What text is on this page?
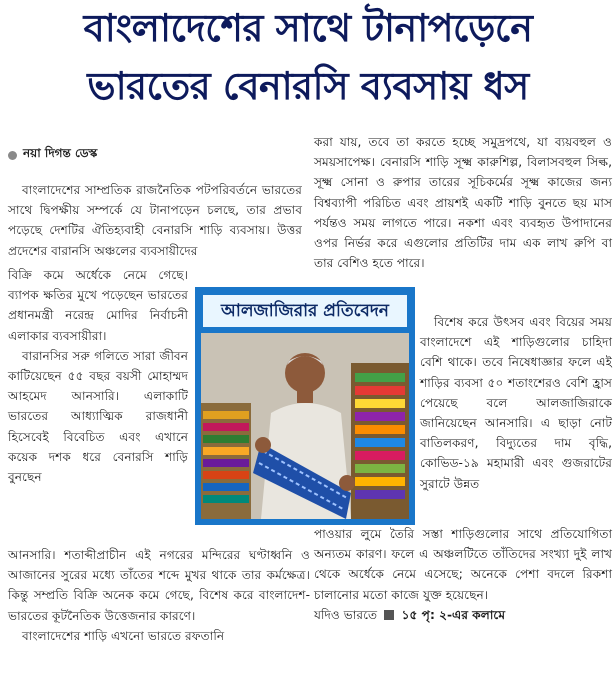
বাংলাদেশের সাথে টানাপড়েনে
ভারতের বেনারসি ব্যবসায় ধস
নয়া দিগন্ত ডেস্ক

বাংলাদেশের সাম্প্রতিক রাজনৈতিক পটপরিবর্তনে ভারতের সাথে দ্বিপক্ষীয় সম্পর্কে যে টানাপড়েন চলছে, তার প্রভাব পড়েছে দেশটির ঐতিহ্যবাহী বেনারসি শাড়ি ব্যবসায়। উত্তর প্রদেশের বারানসি অঞ্চলের ব্যবসায়ীদের

বিক্রি কমে অর্ধেকে নেমে গেছে। ব্যাপক ক্ষতির মুখে পড়েছেন ভারতের প্রধানমন্ত্রী নরেন্দ্র মোদির নির্বাচনী এলাকার ব্যবসায়ীরা।

বারানসির সরু গলিতে সারা জীবন কাটিয়েছেন ৫৫ বছর বয়সী মোহাম্মদ আহমেদ আনসারি। এলাকাটি ভারতের আধ্যাত্মিক রাজধানী হিসেবেই বিবেচিত এবং এখানে কয়েক দশক ধরে বেনারসি শাড়ি বুনছেন

আনসারি। শতাব্দীপ্রাচীন এই নগরের মন্দিরের ঘণ্টাধ্বনি ও আজানের সুরের মধ্যে তাঁতের শব্দে মুখর থাকে তার কর্মক্ষেত্র। কিন্তু সম্প্রতি বিক্রি অনেক কমে গেছে, বিশেষ করে বাংলাদেশ-ভারতের কূটনৈতিক উত্তেজনার কারণে।

বাংলাদেশের শাড়ি এখনো ভারতে রফতানি

করা যায়, তবে তা করতে হচ্ছে সমুদ্রপথে, যা ব্যয়বহুল ও সময়সাপেক্ষ। বেনারসি শাড়ি সূক্ষ্ম কারুশিল্প, বিলাসবহুল সিল্ক, সূক্ষ্ম সোনা ও রুপার তারের সূচিকর্মের সূক্ষ্ম কাজের জন্য বিশ্বব্যাপী পরিচিত এবং প্রায়শই একটি শাড়ি বুনতে ছয় মাস পর্যন্তও সময় লাগতে পারে। নকশা এবং ব্যবহৃত উপাদানের ওপর নির্ভর করে এগুলোর প্রতিটির দাম এক লাখ রুপি বা তার বেশিও হতে পারে।

বিশেষ করে উৎসব এবং বিয়ের সময় বাংলাদেশে এই শাড়িগুলোর চাহিদা বেশি থাকে। তবে নিষেধাজ্ঞার ফলে এই শাড়ির ব্যবসা ৫০ শতাংশেরও বেশি হ্রাস পেয়েছে বলে আলজাজিরাকে জানিয়েছেন আনসারি। এ ছাড়া নোট বাতিলকরণ, বিদ্যুতের দাম বৃদ্ধি, কোভিড-১৯ মহামারী এবং গুজরাটের সুরাটে উন্নত

পাওয়ার লুমে তৈরি সস্তা শাড়িগুলোর সাথে প্রতিযোগিতা অন্যতম কারণ। ফলে এ অঞ্চলটিতে তাঁতিদের সংখ্যা দুই লাখ থেকে অর্ধেকে নেমে এসেছে; অনেকে পেশা বদলে রিকশা চালানোর মতো কাজে যুক্ত হয়েছেন।

যদিও ভারতে ১৫ পৃ: ২-এর কলামে

আলজাজিরার প্রতিবেদন
